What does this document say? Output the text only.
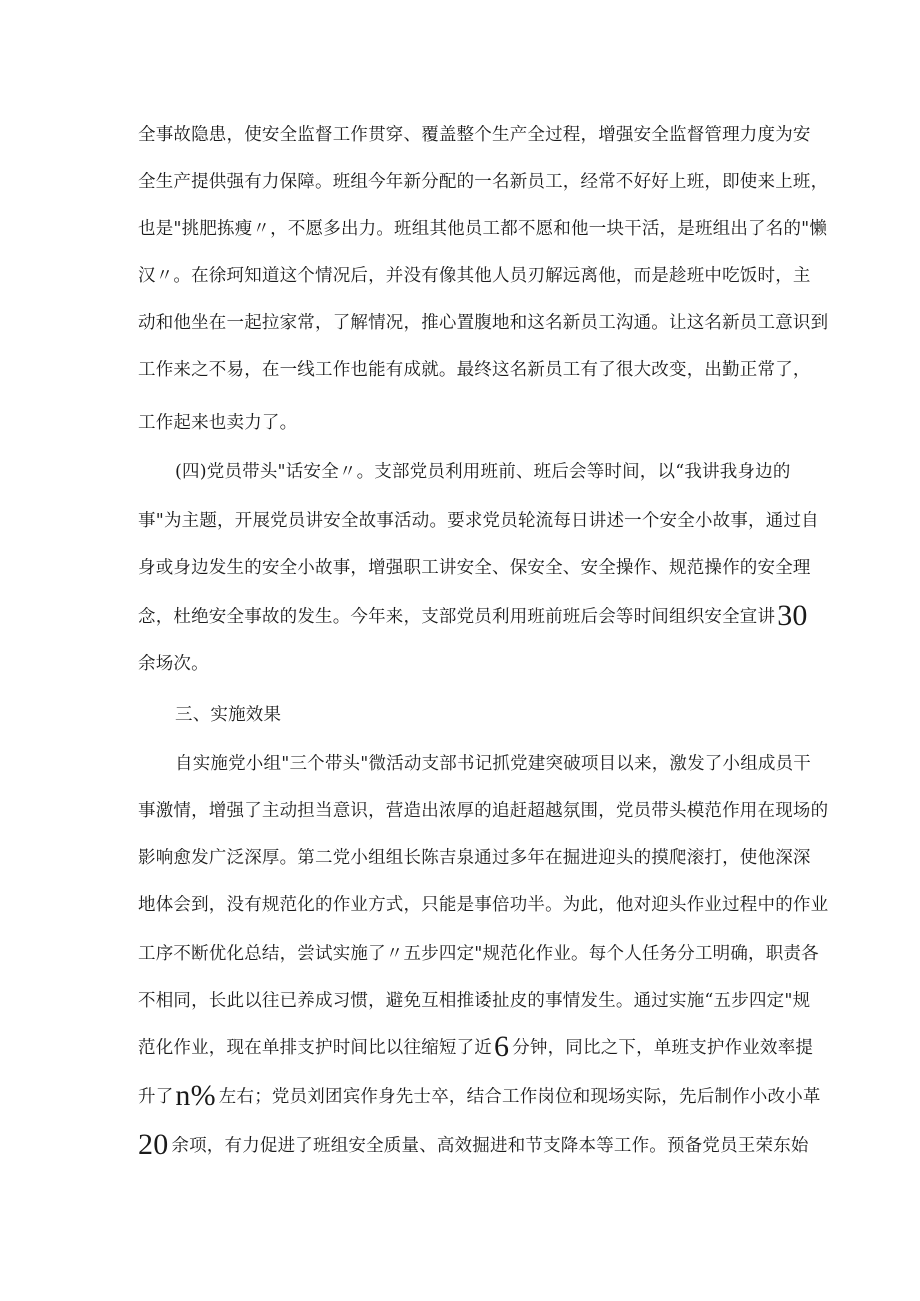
全事故隐患，使安全监督工作贯穿、覆盖整个生产全过程，增强安全监督管理力度为安
全生产提供强有力保障。班组今年新分配的一名新员工，经常不好好上班，即使来上班，
也是"挑肥拣瘦〃，不愿多出力。班组其他员工都不愿和他一块干活，是班组出了名的"懒
汉〃。在徐珂知道这个情况后，并没有像其他人员刃解远离他，而是趁班中吃饭时，主
动和他坐在一起拉家常，了解情况，推心置腹地和这名新员工沟通。让这名新员工意识到
工作来之不易，在一线工作也能有成就。最终这名新员工有了很大改变，出勤正常了，
工作起来也卖力了。
(四)党员带头"话安全〃。支部党员利用班前、班后会等时间，以“我讲我身边的
事"为主题，开展党员讲安全故事活动。要求党员轮流每日讲述一个安全小故事，通过自
身或身边发生的安全小故事，增强职工讲安全、保安全、安全操作、规范操作的安全理
念，杜绝安全事故的发生。今年来，支部党员利用班前班后会等时间组织安全宣讲30
余场次。
三、实施效果
自实施党小组"三个带头"微活动支部书记抓党建突破项目以来，激发了小组成员干
事激情，增强了主动担当意识，营造出浓厚的追赶超越氛围，党员带头模范作用在现场的
影响愈发广泛深厚。第二党小组组长陈吉泉通过多年在掘进迎头的摸爬滚打，使他深深
地体会到，没有规范化的作业方式，只能是事倍功半。为此，他对迎头作业过程中的作业
工序不断优化总结，尝试实施了〃五步四定"规范化作业。每个人任务分工明确，职责各
不相同，长此以往已养成习惯，避免互相推诿扯皮的事情发生。通过实施“五步四定"规
范化作业，现在单排支护时间比以往缩短了近6 分钟，同比之下，单班支护作业效率提
升了n% 左右；党员刘团宾作身先士卒，结合工作岗位和现场实际，先后制作小改小革
20 余项，有力促进了班组安全质量、高效掘进和节支降本等工作。预备党员王荣东始
